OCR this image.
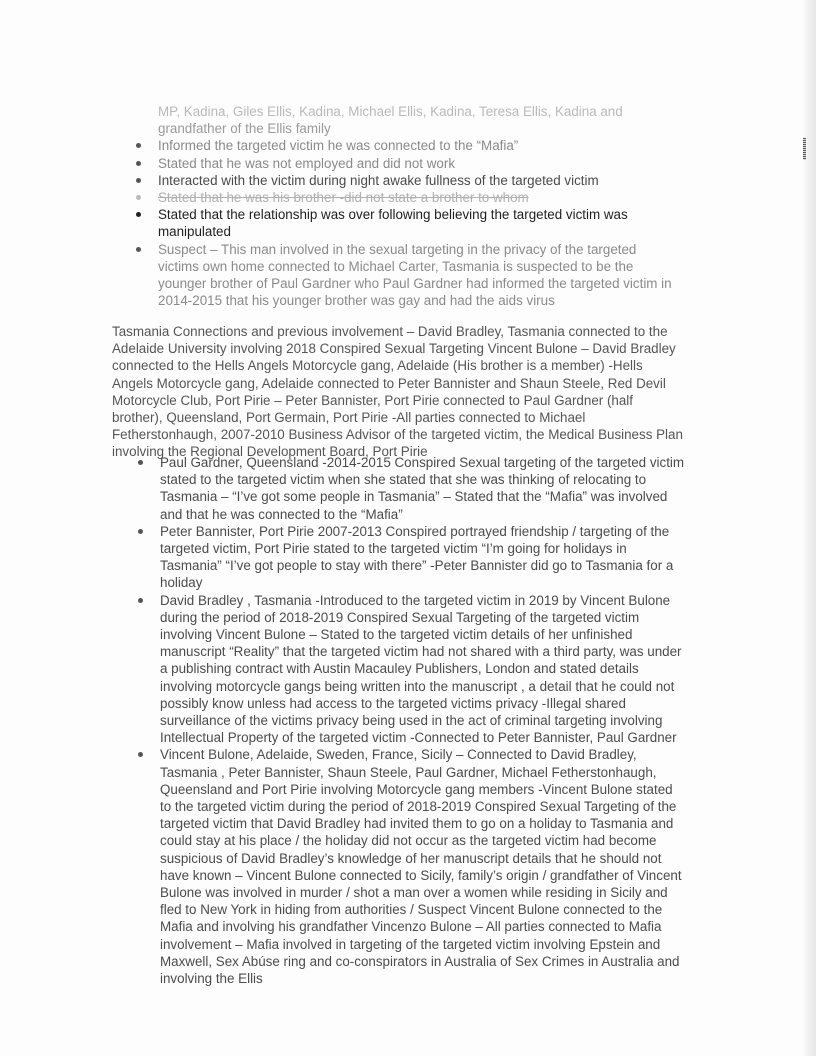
MP, Kadina, Giles Ellis, Kadina, Michael Ellis, Kadina, Teresa Ellis, Kadina and
grandfather of the Ellis family
Informed the targeted victim he was connected to the “Mafia”
Stated that he was not employed and did not work
Interacted with the victim during night awake fullness of the targeted victim
Stated that he was his brother -did not state a brother to whom
Stated that the relationship was over following believing the targeted victim was manipulated
Suspect – This man involved in the sexual targeting in the privacy of the targeted victims own home connected to Michael Carter, Tasmania is suspected to be the younger brother of Paul Gardner who Paul Gardner had informed the targeted victim in 2014-2015 that his younger brother was gay and had the aids virus
Tasmania Connections and previous involvement – David Bradley, Tasmania connected to the Adelaide University involving 2018 Conspired Sexual Targeting Vincent Bulone – David Bradley connected to the Hells Angels Motorcycle gang, Adelaide (His brother is a member) -Hells Angels Motorcycle gang, Adelaide connected to Peter Bannister and Shaun Steele, Red Devil Motorcycle Club, Port Pirie – Peter Bannister, Port Pirie connected to Paul Gardner (half brother), Queensland, Port Germain, Port Pirie -All parties connected to Michael Fetherstonhaugh, 2007-2010 Business Advisor of the targeted victim, the Medical Business Plan involving the Regional Development Board, Port Pirie
Paul Gardner, Queensland -2014-2015 Conspired Sexual targeting of the targeted victim stated to the targeted victim when she stated that she was thinking of relocating to Tasmania – “I’ve got some people in Tasmania” – Stated that the “Mafia” was involved and that he was connected to the “Mafia”
Peter Bannister, Port Pirie 2007-2013 Conspired portrayed friendship / targeting of the targeted victim, Port Pirie stated to the targeted victim “I’m going for holidays in Tasmania” “I’ve got people to stay with there” -Peter Bannister did go to Tasmania for a holiday
David Bradley , Tasmania -Introduced to the targeted victim in 2019 by Vincent Bulone during the period of 2018-2019 Conspired Sexual Targeting of the targeted victim involving Vincent Bulone – Stated to the targeted victim details of her unfinished manuscript “Reality” that the targeted victim had not shared with a third party, was under a publishing contract with Austin Macauley Publishers, London and stated details involving motorcycle gangs being written into the manuscript , a detail that he could not possibly know unless had access to the targeted victims privacy -Illegal shared surveillance of the victims privacy being used in the act of criminal targeting involving Intellectual Property of the targeted victim -Connected to Peter Bannister, Paul Gardner
Vincent Bulone, Adelaide, Sweden, France, Sicily – Connected to David Bradley, Tasmania , Peter Bannister, Shaun Steele, Paul Gardner, Michael Fetherstonhaugh, Queensland and Port Pirie involving Motorcycle gang members -Vincent Bulone stated to the targeted victim during the period of 2018-2019 Conspired Sexual Targeting of the targeted victim that David Bradley had invited them to go on a holiday to Tasmania and could stay at his place / the holiday did not occur as the targeted victim had become suspicious of David Bradley’s knowledge of her manuscript details that he should not have known – Vincent Bulone connected to Sicily, family’s origin / grandfather of Vincent Bulone was involved in murder / shot a man over a women while residing in Sicily and fled to New York in hiding from authorities / Suspect Vincent Bulone connected to the Mafia and involving his grandfather Vincenzo Bulone – All parties connected to Mafia involvement – Mafia involved in targeting of the targeted victim involving Epstein and Maxwell, Sex Abúse ring and co-conspirators in Australia of Sex Crimes in Australia and involving the Ellis
